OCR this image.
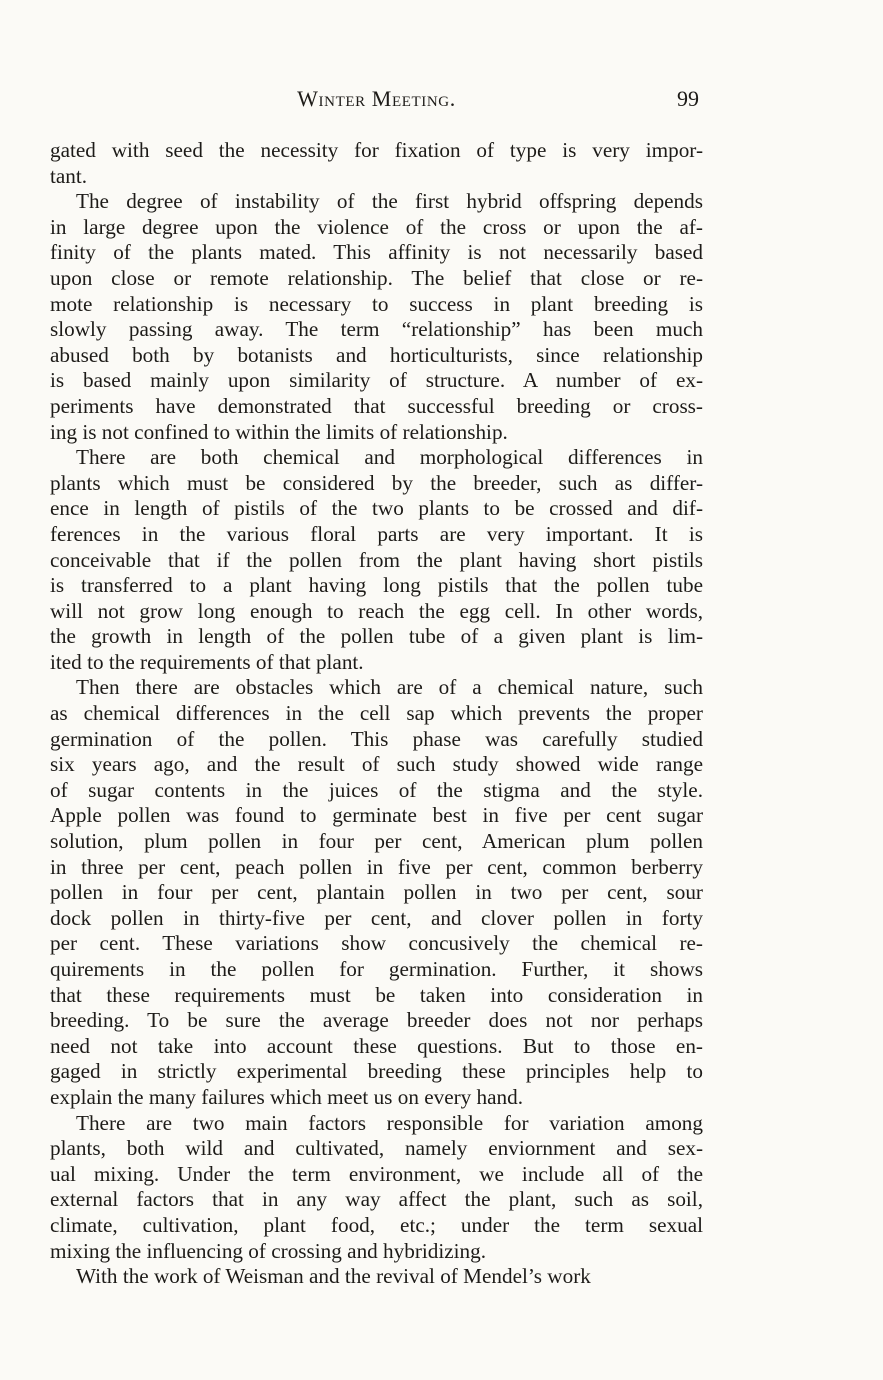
Winter Meeting.	99
gated with seed the necessity for fixation of type is very impor-
tant.
The degree of instability of the first hybrid offspring depends
in large degree upon the violence of the cross or upon the af-
finity of the plants mated. This affinity is not necessarily based
upon close or remote relationship. The belief that close or re-
mote relationship is necessary to success in plant breeding is
slowly passing away. The term “relationship” has been much
abused both by botanists and horticulturists, since relationship
is based mainly upon similarity of structure. A number of ex-
periments have demonstrated that successful breeding or cross-
ing is not confined to within the limits of relationship.
There are both chemical and morphological differences in
plants which must be considered by the breeder, such as differ-
ence in length of pistils of the two plants to be crossed and dif-
ferences in the various floral parts are very important. It is
conceivable that if the pollen from the plant having short pistils
is transferred to a plant having long pistils that the pollen tube
will not grow long enough to reach the egg cell. In other words,
the growth in length of the pollen tube of a given plant is lim-
ited to the requirements of that plant.
Then there are obstacles which are of a chemical nature, such
as chemical differences in the cell sap which prevents the proper
germination of the pollen. This phase was carefully studied
six years ago, and the result of such study showed wide range
of sugar contents in the juices of the stigma and the style.
Apple pollen was found to germinate best in five per cent sugar
solution, plum pollen in four per cent, American plum pollen
in three per cent, peach pollen in five per cent, common berberry
pollen in four per cent, plantain pollen in two per cent, sour
dock pollen in thirty-five per cent, and clover pollen in forty
per cent. These variations show concusively the chemical re-
quirements in the pollen for germination. Further, it shows
that these requirements must be taken into consideration in
breeding. To be sure the average breeder does not nor perhaps
need not take into account these questions. But to those en-
gaged in strictly experimental breeding these principles help to
explain the many failures which meet us on every hand.
There are two main factors responsible for variation among
plants, both wild and cultivated, namely enviornment and sex-
ual mixing. Under the term environment, we include all of the
external factors that in any way affect the plant, such as soil,
climate, cultivation, plant food, etc.; under the term sexual
mixing the influencing of crossing and hybridizing.
With the work of Weisman and the revival of Mendel’s work
